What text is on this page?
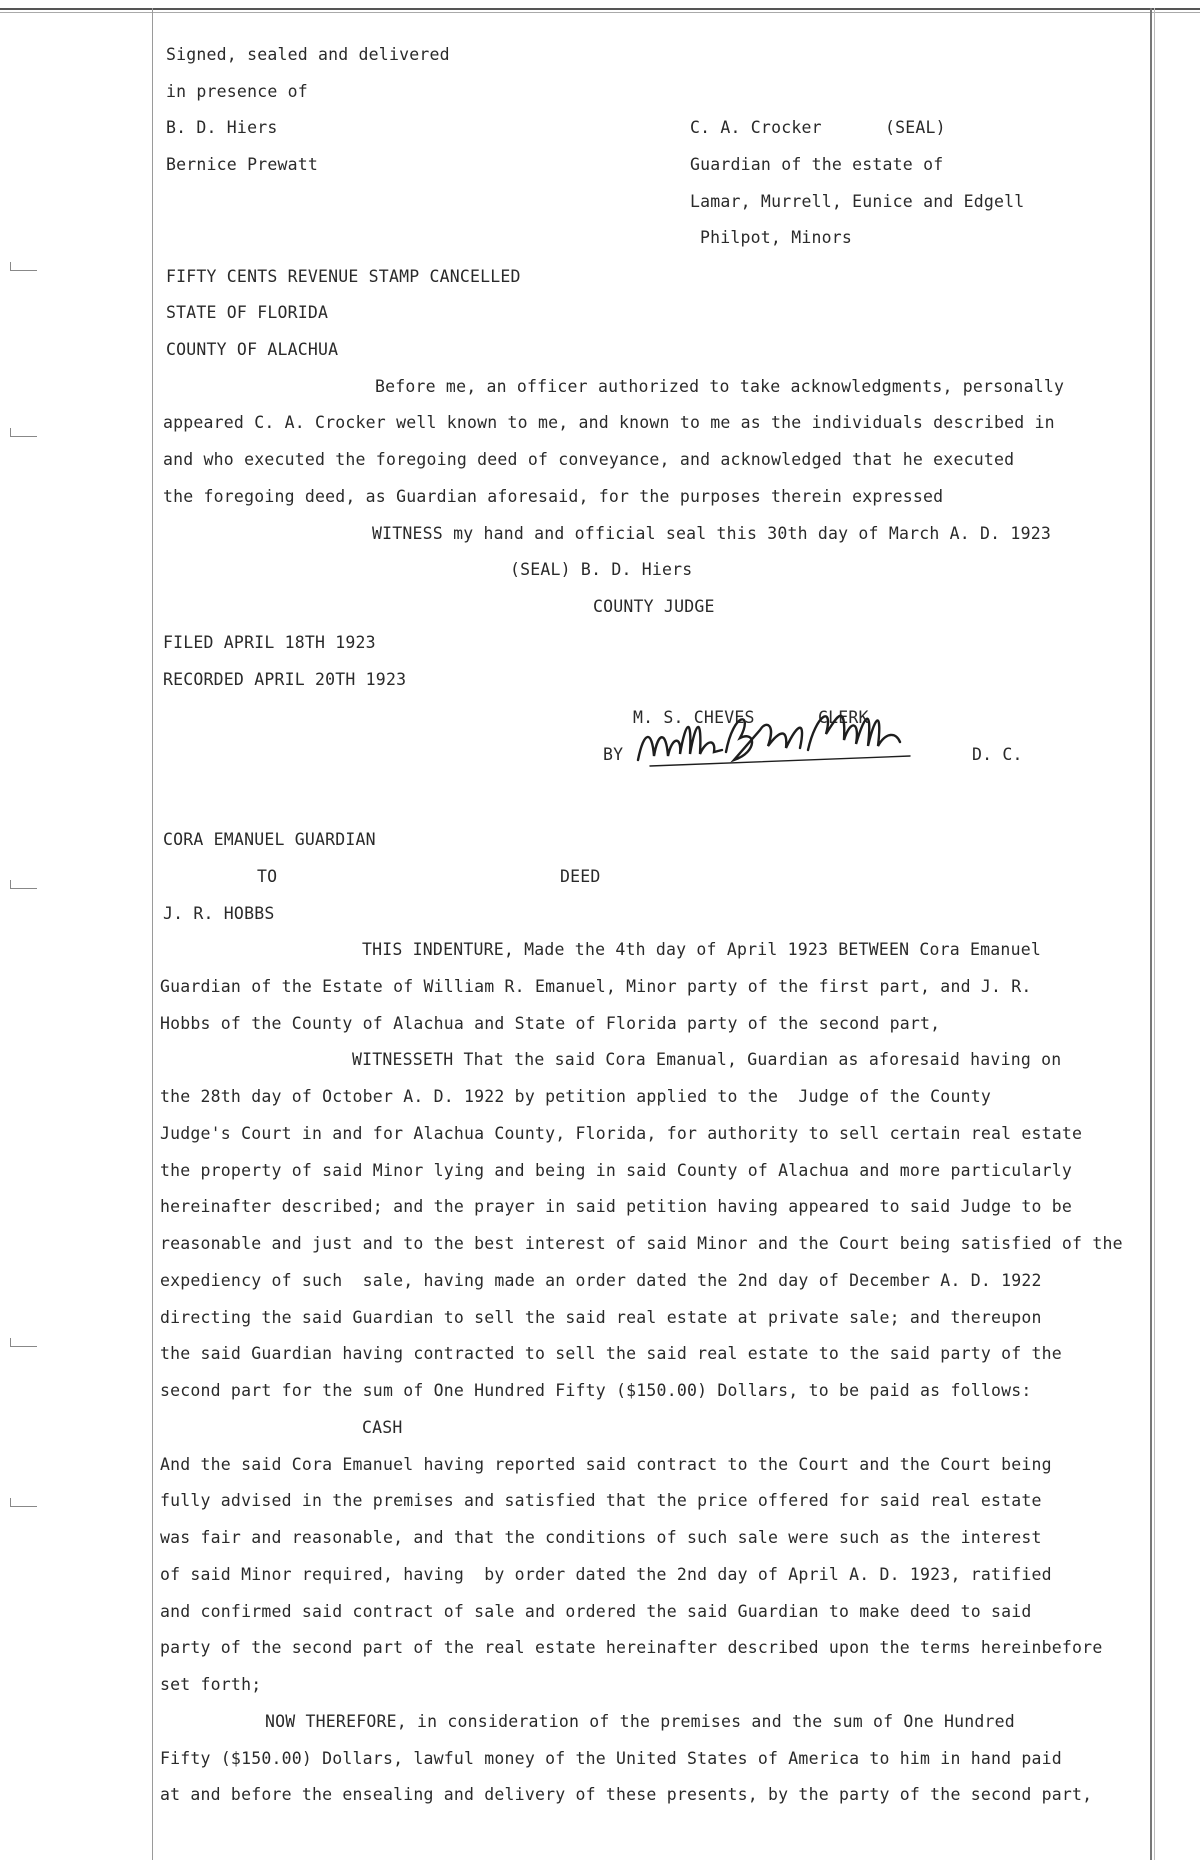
Signed, sealed and delivered
in presence of
B. D. Hiers
Bernice Prewatt
C. A. Crocker	(SEAL)
Guardian of the estate of
Lamar, Murrell, Eunice and Edgell
Philpot, Minors
FIFTY CENTS REVENUE STAMP CANCELLED
STATE OF FLORIDA
COUNTY OF ALACHUA
Before me, an officer authorized to take acknowledgments, personally
appeared C. A. Crocker well known to me, and known to me as the individuals described in
and who executed the foregoing deed of conveyance, and acknowledged that he executed
the foregoing deed, as Guardian aforesaid, for the purposes therein expressed
WITNESS my hand and official seal this 30th day of March A. D. 1923
(SEAL) B. D. Hiers
COUNTY JUDGE
FILED APRIL 18TH 1923
RECORDED APRIL 20TH 1923
M. S. CHEVES	CLERK
BY	D. C.
CORA EMANUEL GUARDIAN
TO	DEED
J. R. HOBBS
THIS INDENTURE, Made the 4th day of April 1923 BETWEEN Cora Emanuel
Guardian of the Estate of William R. Emanuel, Minor party of the first part, and J. R.
Hobbs of the County of Alachua and State of Florida party of the second part,
WITNESSETH That the said Cora Emanual, Guardian as aforesaid having on
the 28th day of October A. D. 1922 by petition applied to the  Judge of the County
Judge's Court in and for Alachua County, Florida, for authority to sell certain real estate
the property of said Minor lying and being in said County of Alachua and more particularly
hereinafter described; and the prayer in said petition having appeared to said Judge to be
reasonable and just and to the best interest of said Minor and the Court being satisfied of the
expediency of such  sale, having made an order dated the 2nd day of December A. D. 1922
directing the said Guardian to sell the said real estate at private sale; and thereupon
the said Guardian having contracted to sell the said real estate to the said party of the
second part for the sum of One Hundred Fifty ($150.00) Dollars, to be paid as follows:
CASH
And the said Cora Emanuel having reported said contract to the Court and the Court being
fully advised in the premises and satisfied that the price offered for said real estate
was fair and reasonable, and that the conditions of such sale were such as the interest
of said Minor required, having  by order dated the 2nd day of April A. D. 1923, ratified
and confirmed said contract of sale and ordered the said Guardian to make deed to said
party of the second part of the real estate hereinafter described upon the terms hereinbefore
set forth;
NOW THEREFORE, in consideration of the premises and the sum of One Hundred
Fifty ($150.00) Dollars, lawful money of the United States of America to him in hand paid
at and before the ensealing and delivery of these presents, by the party of the second part,
